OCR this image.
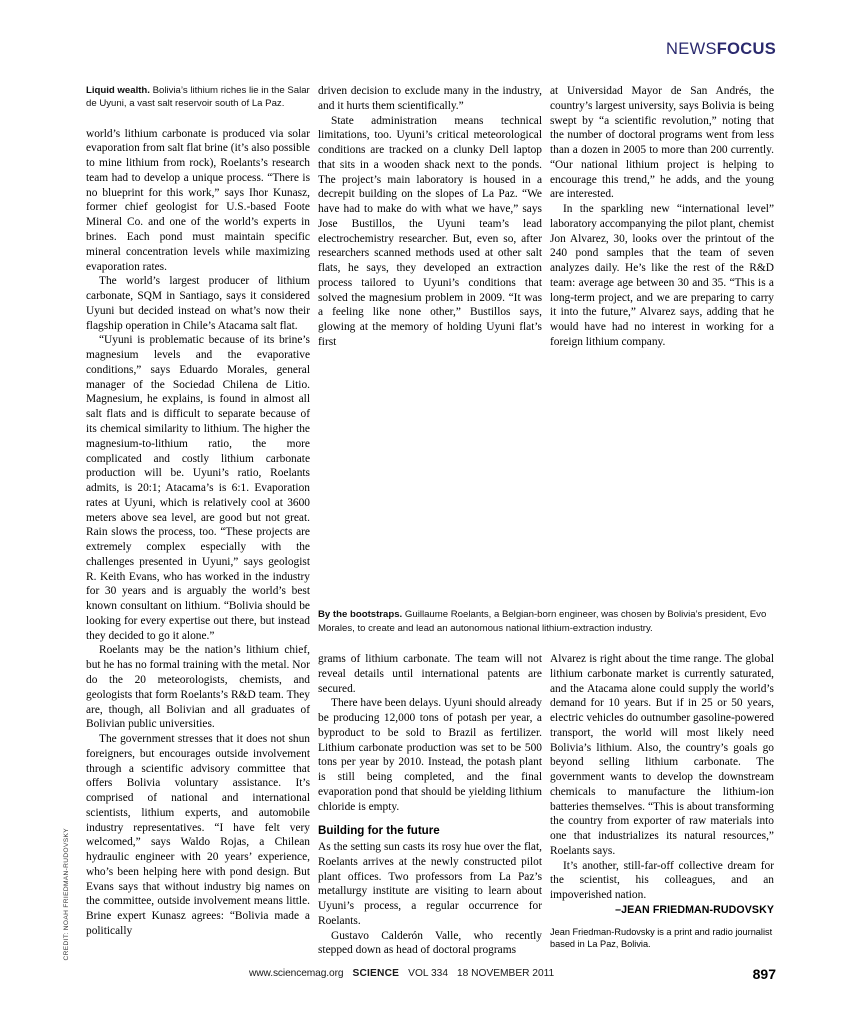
NEWSFOCUS
Liquid wealth. Bolivia’s lithium riches lie in the Salar de Uyuni, a vast salt reservoir south of La Paz.

world’s lithium carbonate is produced via solar evaporation from salt flat brine (it’s also possible to mine lithium from rock), Roelants’s research team had to develop a unique process. “There is no blueprint for this work,” says Ihor Kunasz, former chief geologist for U.S.-based Foote Mineral Co. and one of the world’s experts in brines. Each pond must maintain specific mineral concentration levels while maximizing evaporation rates.

The world’s largest producer of lithium carbonate, SQM in Santiago, says it considered Uyuni but decided instead on what’s now their flagship operation in Chile’s Atacama salt flat.

“Uyuni is problematic because of its brine’s magnesium levels and the evaporative conditions,” says Eduardo Morales, general manager of the Sociedad Chilena de Litio. Magnesium, he explains, is found in almost all salt flats and is difficult to separate because of its chemical similarity to lithium. The higher the magnesium-to-lithium ratio, the more complicated and costly lithium carbonate production will be. Uyuni’s ratio, Roelants admits, is 20:1; Atacama’s is 6:1. Evaporation rates at Uyuni, which is relatively cool at 3600 meters above sea level, are good but not great. Rain slows the process, too. “These projects are extremely complex especially with the challenges presented in Uyuni,” says geologist R. Keith Evans, who has worked in the industry for 30 years and is arguably the world’s best known consultant on lithium. “Bolivia should be looking for every expertise out there, but instead they decided to go it alone.”

Roelants may be the nation’s lithium chief, but he has no formal training with the metal. Nor do the 20 meteorologists, chemists, and geologists that form Roelants’s R&D team. They are, though, all Bolivian and all graduates of Bolivian public universities.

The government stresses that it does not shun foreigners, but encourages outside involvement through a scientific advisory committee that offers Bolivia voluntary assistance. It’s comprised of national and international scientists, lithium experts, and automobile industry representatives. “I have felt very welcomed,” says Waldo Rojas, a Chilean hydraulic engineer with 20 years’ experience, who’s been helping here with pond design. But Evans says that without industry big names on the committee, outside involvement means little. Brine expert Kunasz agrees: “Bolivia made a politically

driven decision to exclude many in the industry, and it hurts them scientifically.”

State administration means technical limitations, too. Uyuni’s critical meteorological conditions are tracked on a clunky Dell laptop that sits in a wooden shack next to the ponds. The project’s main laboratory is housed in a decrepit building on the slopes of La Paz. “We have had to make do with what we have,” says Jose Bustillos, the Uyuni team’s lead electrochemistry researcher. But, even so, after researchers scanned methods used at other salt flats, he says, they developed an extraction process tailored to Uyuni’s conditions that solved the magnesium problem in 2009. “It was a feeling like none other,” Bustillos says, glowing at the memory of holding Uyuni flat’s first

at Universidad Mayor de San Andrés, the country’s largest university, says Bolivia is being swept by “a scientific revolution,” noting that the number of doctoral programs went from less than a dozen in 2005 to more than 200 currently. “Our national lithium project is helping to encourage this trend,” he adds, and the young are interested.

In the sparkling new “international level” laboratory accompanying the pilot plant, chemist Jon Alvarez, 30, looks over the printout of the 240 pond samples that the team of seven analyzes daily. He’s like the rest of the R&D team: average age between 30 and 35. “This is a long-term project, and we are preparing to carry it into the future,” Alvarez says, adding that he would have had no interest in working for a foreign lithium company.

By the bootstraps. Guillaume Roelants, a Belgian-born engineer, was chosen by Bolivia’s president, Evo Morales, to create and lead an autonomous national lithium-extraction industry.

grams of lithium carbonate. The team will not reveal details until international patents are secured.

There have been delays. Uyuni should already be producing 12,000 tons of potash per year, a byproduct to be sold to Brazil as fertilizer. Lithium carbonate production was set to be 500 tons per year by 2010. Instead, the potash plant is still being completed, and the final evaporation pond that should be yielding lithium chloride is empty.

Building for the future

As the setting sun casts its rosy hue over the flat, Roelants arrives at the newly constructed pilot plant offices. Two professors from La Paz’s metallurgy institute are visiting to learn about Uyuni’s process, a regular occurrence for Roelants.

Gustavo Calderón Valle, who recently stepped down as head of doctoral programs

Alvarez is right about the time range. The global lithium carbonate market is currently saturated, and the Atacama alone could supply the world’s demand for 10 years. But if in 25 or 50 years, electric vehicles do outnumber gasoline-powered transport, the world will most likely need Bolivia’s lithium. Also, the country’s goals go beyond selling lithium carbonate. The government wants to develop the downstream chemicals to manufacture the lithium-ion batteries themselves. “This is about transforming the country from exporter of raw materials into one that industrializes its natural resources,” Roelants says.

It’s another, still-far-off collective dream for the scientist, his colleagues, and an impoverished nation.

–JEAN FRIEDMAN-RUDOVSKY
Jean Friedman-Rudovsky is a print and radio journalist based in La Paz, Bolivia.
CREDIT: NOAH FRIEDMAN-RUDOVSKY
www.sciencemag.org SCIENCE VOL 334 18 NOVEMBER 2011	897
